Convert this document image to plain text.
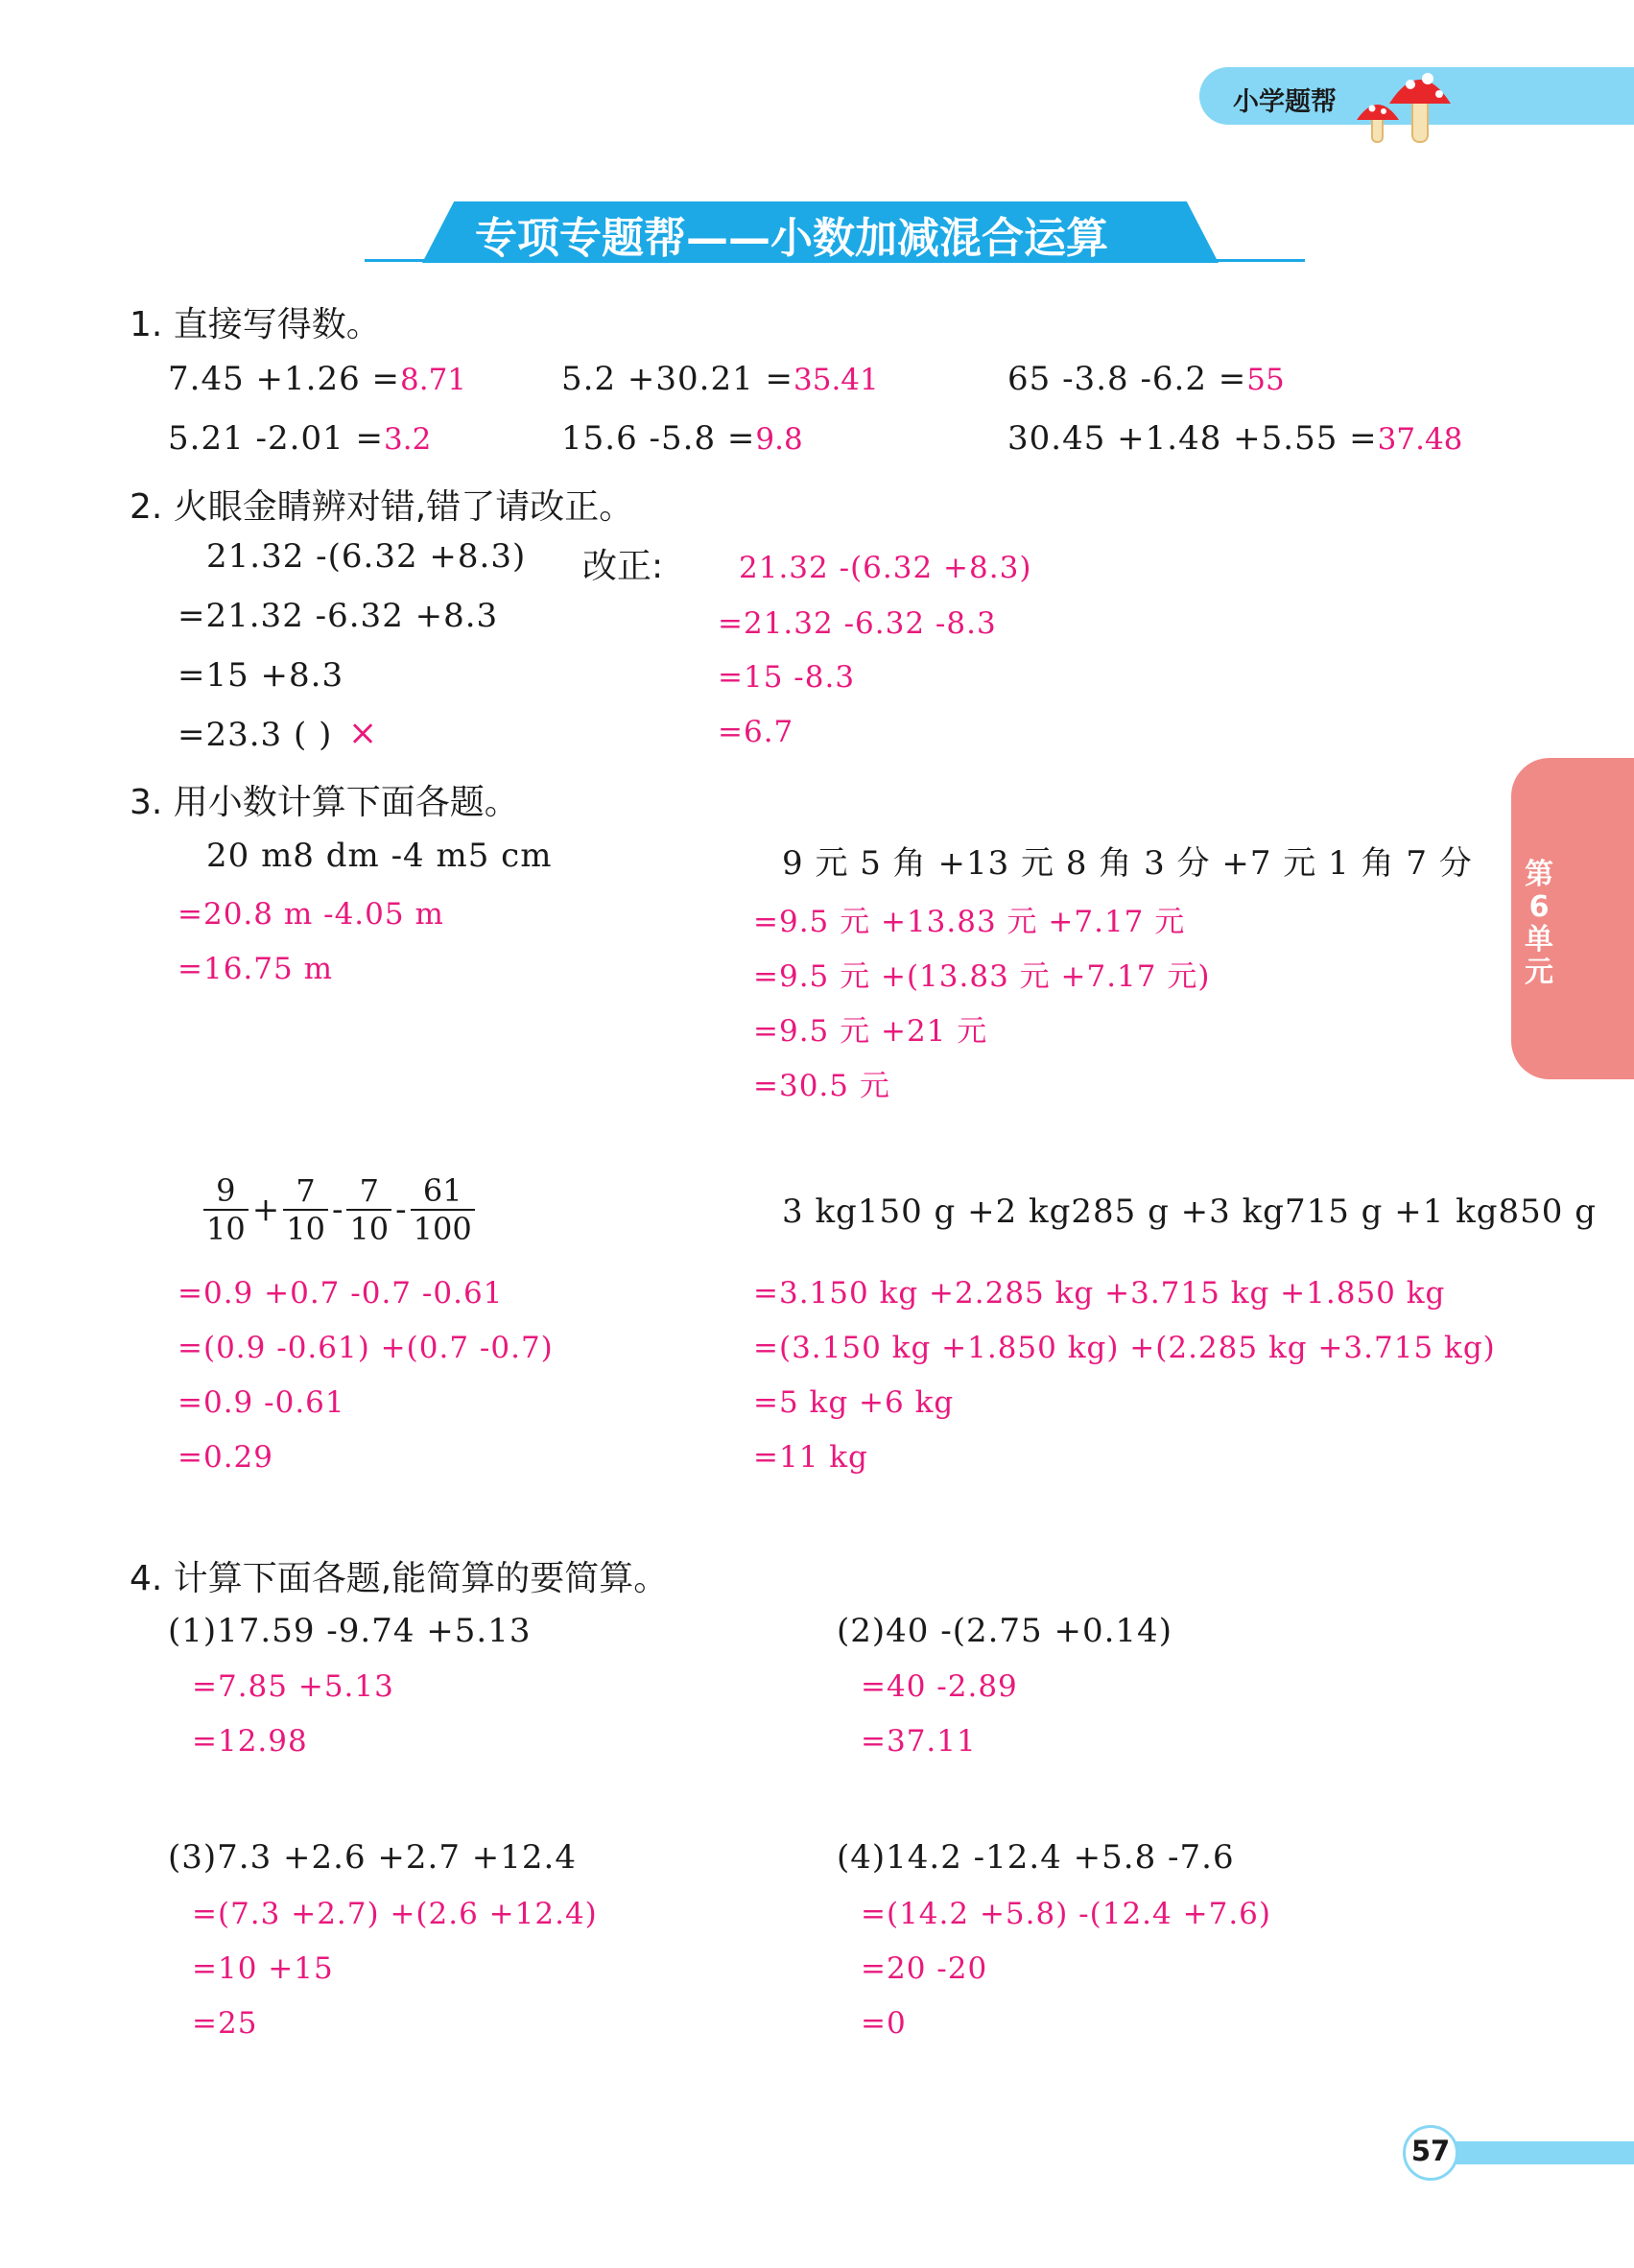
小学题帮
专项专题帮——小数加减混合运算
第6单元
57
1. 直接写得数。
7.45 +1.26 =8.71	5.2 +30.21 =35.41	65 -3.8 -6.2 =55
5.21 -2.01 =3.2	15.6 -5.8 =9.8	30.45 +1.48 +5.55 =37.48
2. 火眼金睛辨对错,错了请改正。
21.32 -(6.32 +8.3)
=21.32 -6.32 +8.3
=15 +8.3
=23.3 ( ) ×
改正:	21.32 -(6.32 +8.3)
=21.32 -6.32 -8.3
=15 -8.3
=6.7
3. 用小数计算下面各题。
20 m8 dm -4 m5 cm
=20.8 m -4.05 m
=16.75 m
9 元 5 角 +13 元 8 角 3 分 +7 元 1 角 7 分
=9.5 元 +13.83 元 +7.17 元
=9.5 元 +(13.83 元 +7.17 元)
=9.5 元 +21 元
=30.5 元
$\frac{9}{10} + \frac{7}{10} - \frac{7}{10} - \frac{61}{100}$
=0.9 +0.7 -0.7 -0.61
=(0.9 -0.61) +(0.7 -0.7)
=0.9 -0.61
=0.29
3 kg150 g +2 kg285 g +3 kg715 g +1 kg850 g
=3.150 kg +2.285 kg +3.715 kg +1.850 kg
=(3.150 kg +1.850 kg) +(2.285 kg +3.715 kg)
=5 kg +6 kg
=11 kg
4. 计算下面各题,能简算的要简算。
(1)17.59 -9.74 +5.13
=7.85 +5.13
=12.98
(2)40 -(2.75 +0.14)
=40 -2.89
=37.11
(3)7.3 +2.6 +2.7 +12.4
=(7.3 +2.7) +(2.6 +12.4)
=10 +15
=25
(4)14.2 -12.4 +5.8 -7.6
=(14.2 +5.8) -(12.4 +7.6)
=20 -20
=0
